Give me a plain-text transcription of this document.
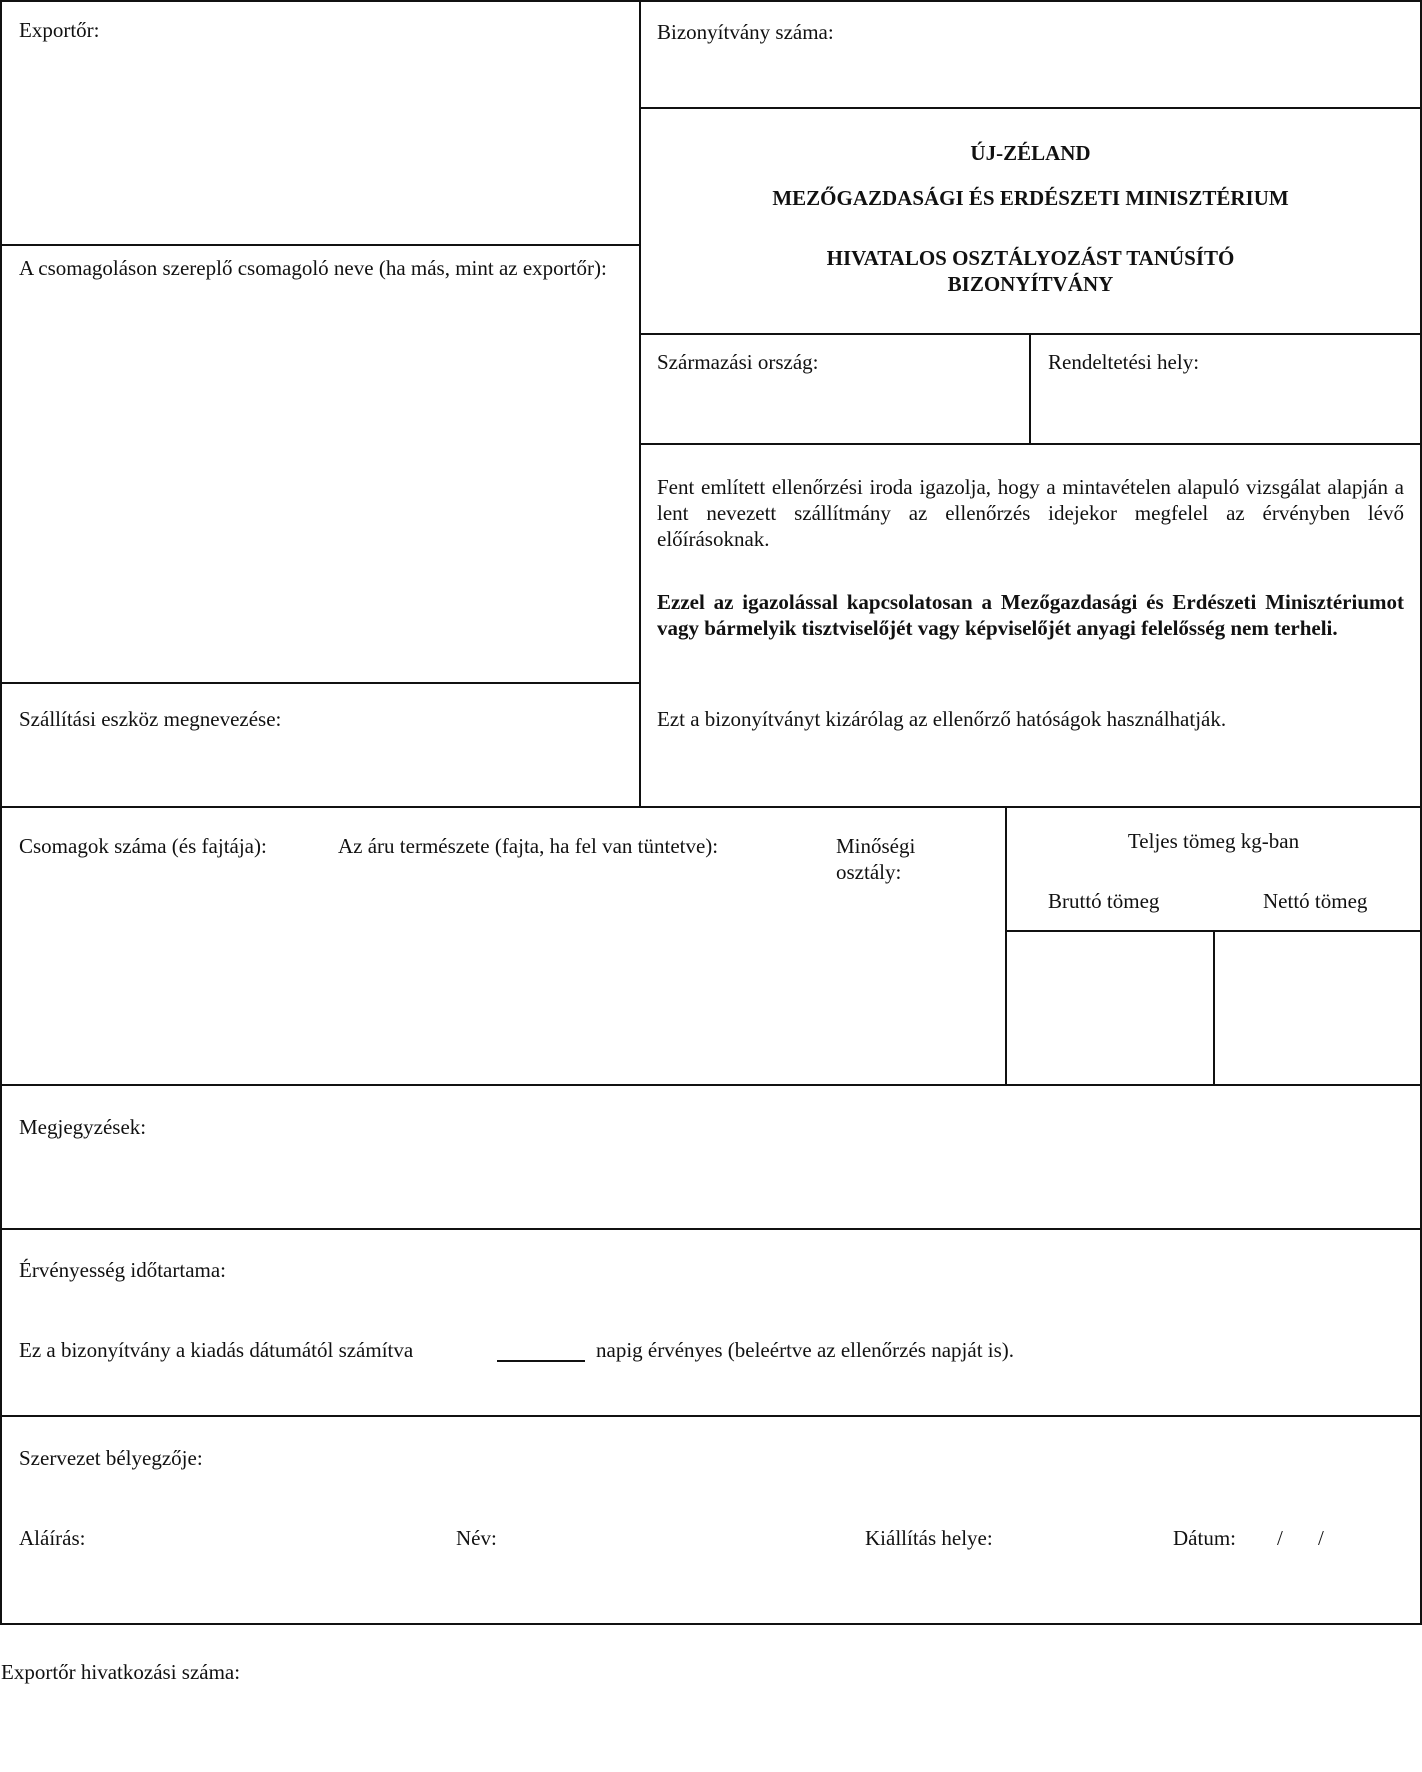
Exportőr:
A csomagoláson szereplő csomagoló neve (ha más, mint az exportőr):
Szállítási eszköz megnevezése:
Bizonyítvány száma:
ÚJ-ZÉLAND
MEZŐGAZDASÁGI ÉS ERDÉSZETI MINISZTÉRIUM
HIVATALOS OSZTÁLYOZÁST TANÚSÍTÓ BIZONYÍTVÁNY
Származási ország:	Rendeltetési hely:
Fent említett ellenőrzési iroda igazolja, hogy a mintavételen alapuló vizsgálat alapján a lent nevezett szállítmány az ellenőrzés idejekor megfelel az érvényben lévő előírásoknak.
Ezzel az igazolással kapcsolatosan a Mezőgazdasági és Erdészeti Minisztériumot vagy bármelyik tisztviselőjét vagy képviselőjét anyagi felelősség nem terheli.
Ezt a bizonyítványt kizárólag az ellenőrző hatóságok használhatják.
Csomagok száma (és fajtája):	Az áru természete (fajta, ha fel van tüntetve):	Minőségi osztály:
Teljes tömeg kg-ban
Bruttó tömeg	Nettó tömeg
Megjegyzések:
Érvényesség időtartama:
Ez a bizonyítvány a kiadás dátumától számítva	napig érvényes (beleértve az ellenőrzés napját is).
Szervezet bélyegzője:
Aláírás:	Név:	Kiállítás helye:	Dátum: / /
Exportőr hivatkozási száma:
